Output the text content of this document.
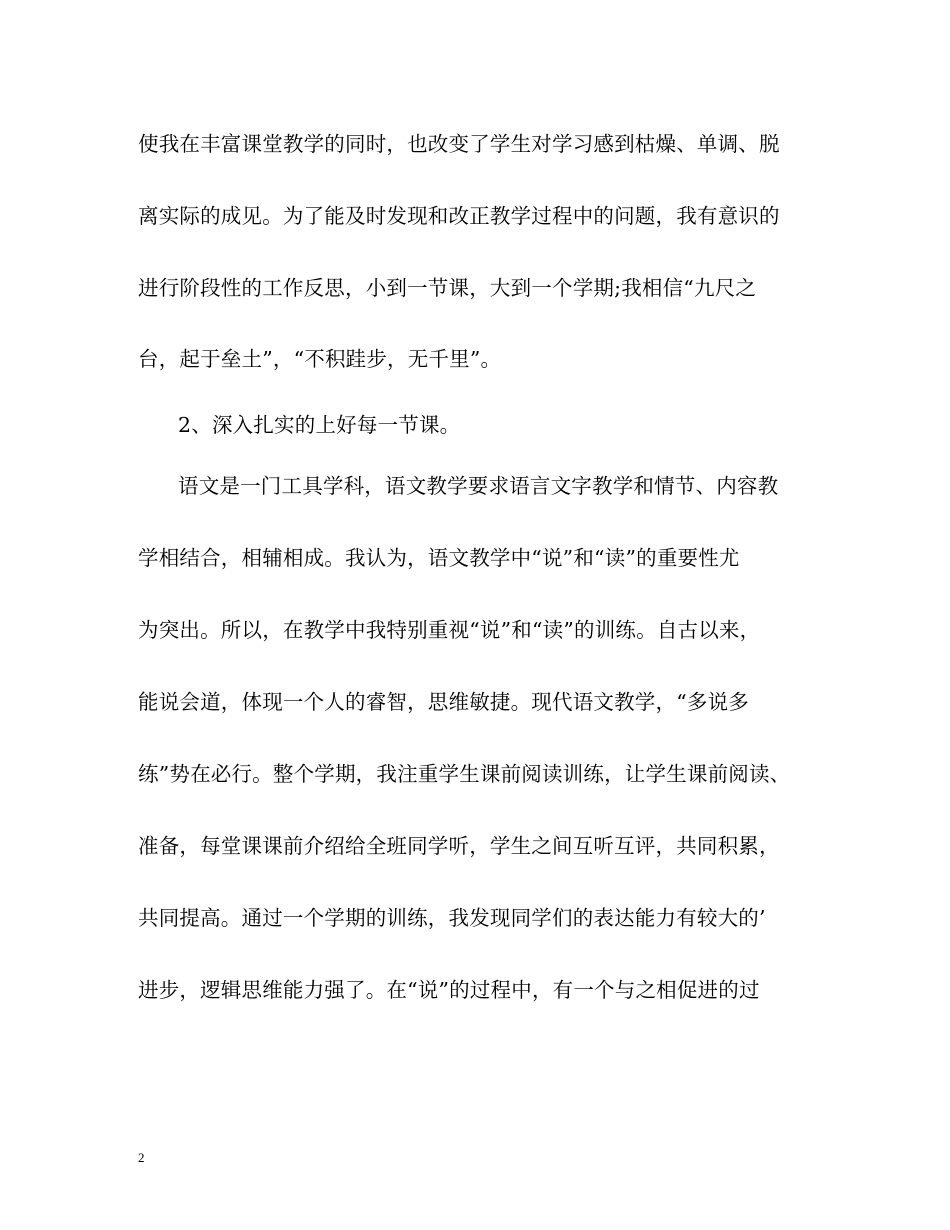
使我在丰富课堂教学的同时，也改变了学生对学习感到枯燥、单调、脱
离实际的成见。为了能及时发现和改正教学过程中的问题，我有意识的
进行阶段性的工作反思，小到一节课，大到一个学期;我相信“九尺之
台，起于垒土”，“不积跬步，无千里”。
2、深入扎实的上好每一节课。
语文是一门工具学科，语文教学要求语言文字教学和情节、内容教
学相结合，相辅相成。我认为，语文教学中“说”和“读”的重要性尤
为突出。所以，在教学中我特别重视“说”和“读”的训练。自古以来，
能说会道，体现一个人的睿智，思维敏捷。现代语文教学，“多说多
练”势在必行。整个学期，我注重学生课前阅读训练，让学生课前阅读、
准备，每堂课课前介绍给全班同学听，学生之间互听互评，共同积累，
共同提高。通过一个学期的训练，我发现同学们的表达能力有较大的’
进步，逻辑思维能力强了。在“说”的过程中，有一个与之相促进的过
2
